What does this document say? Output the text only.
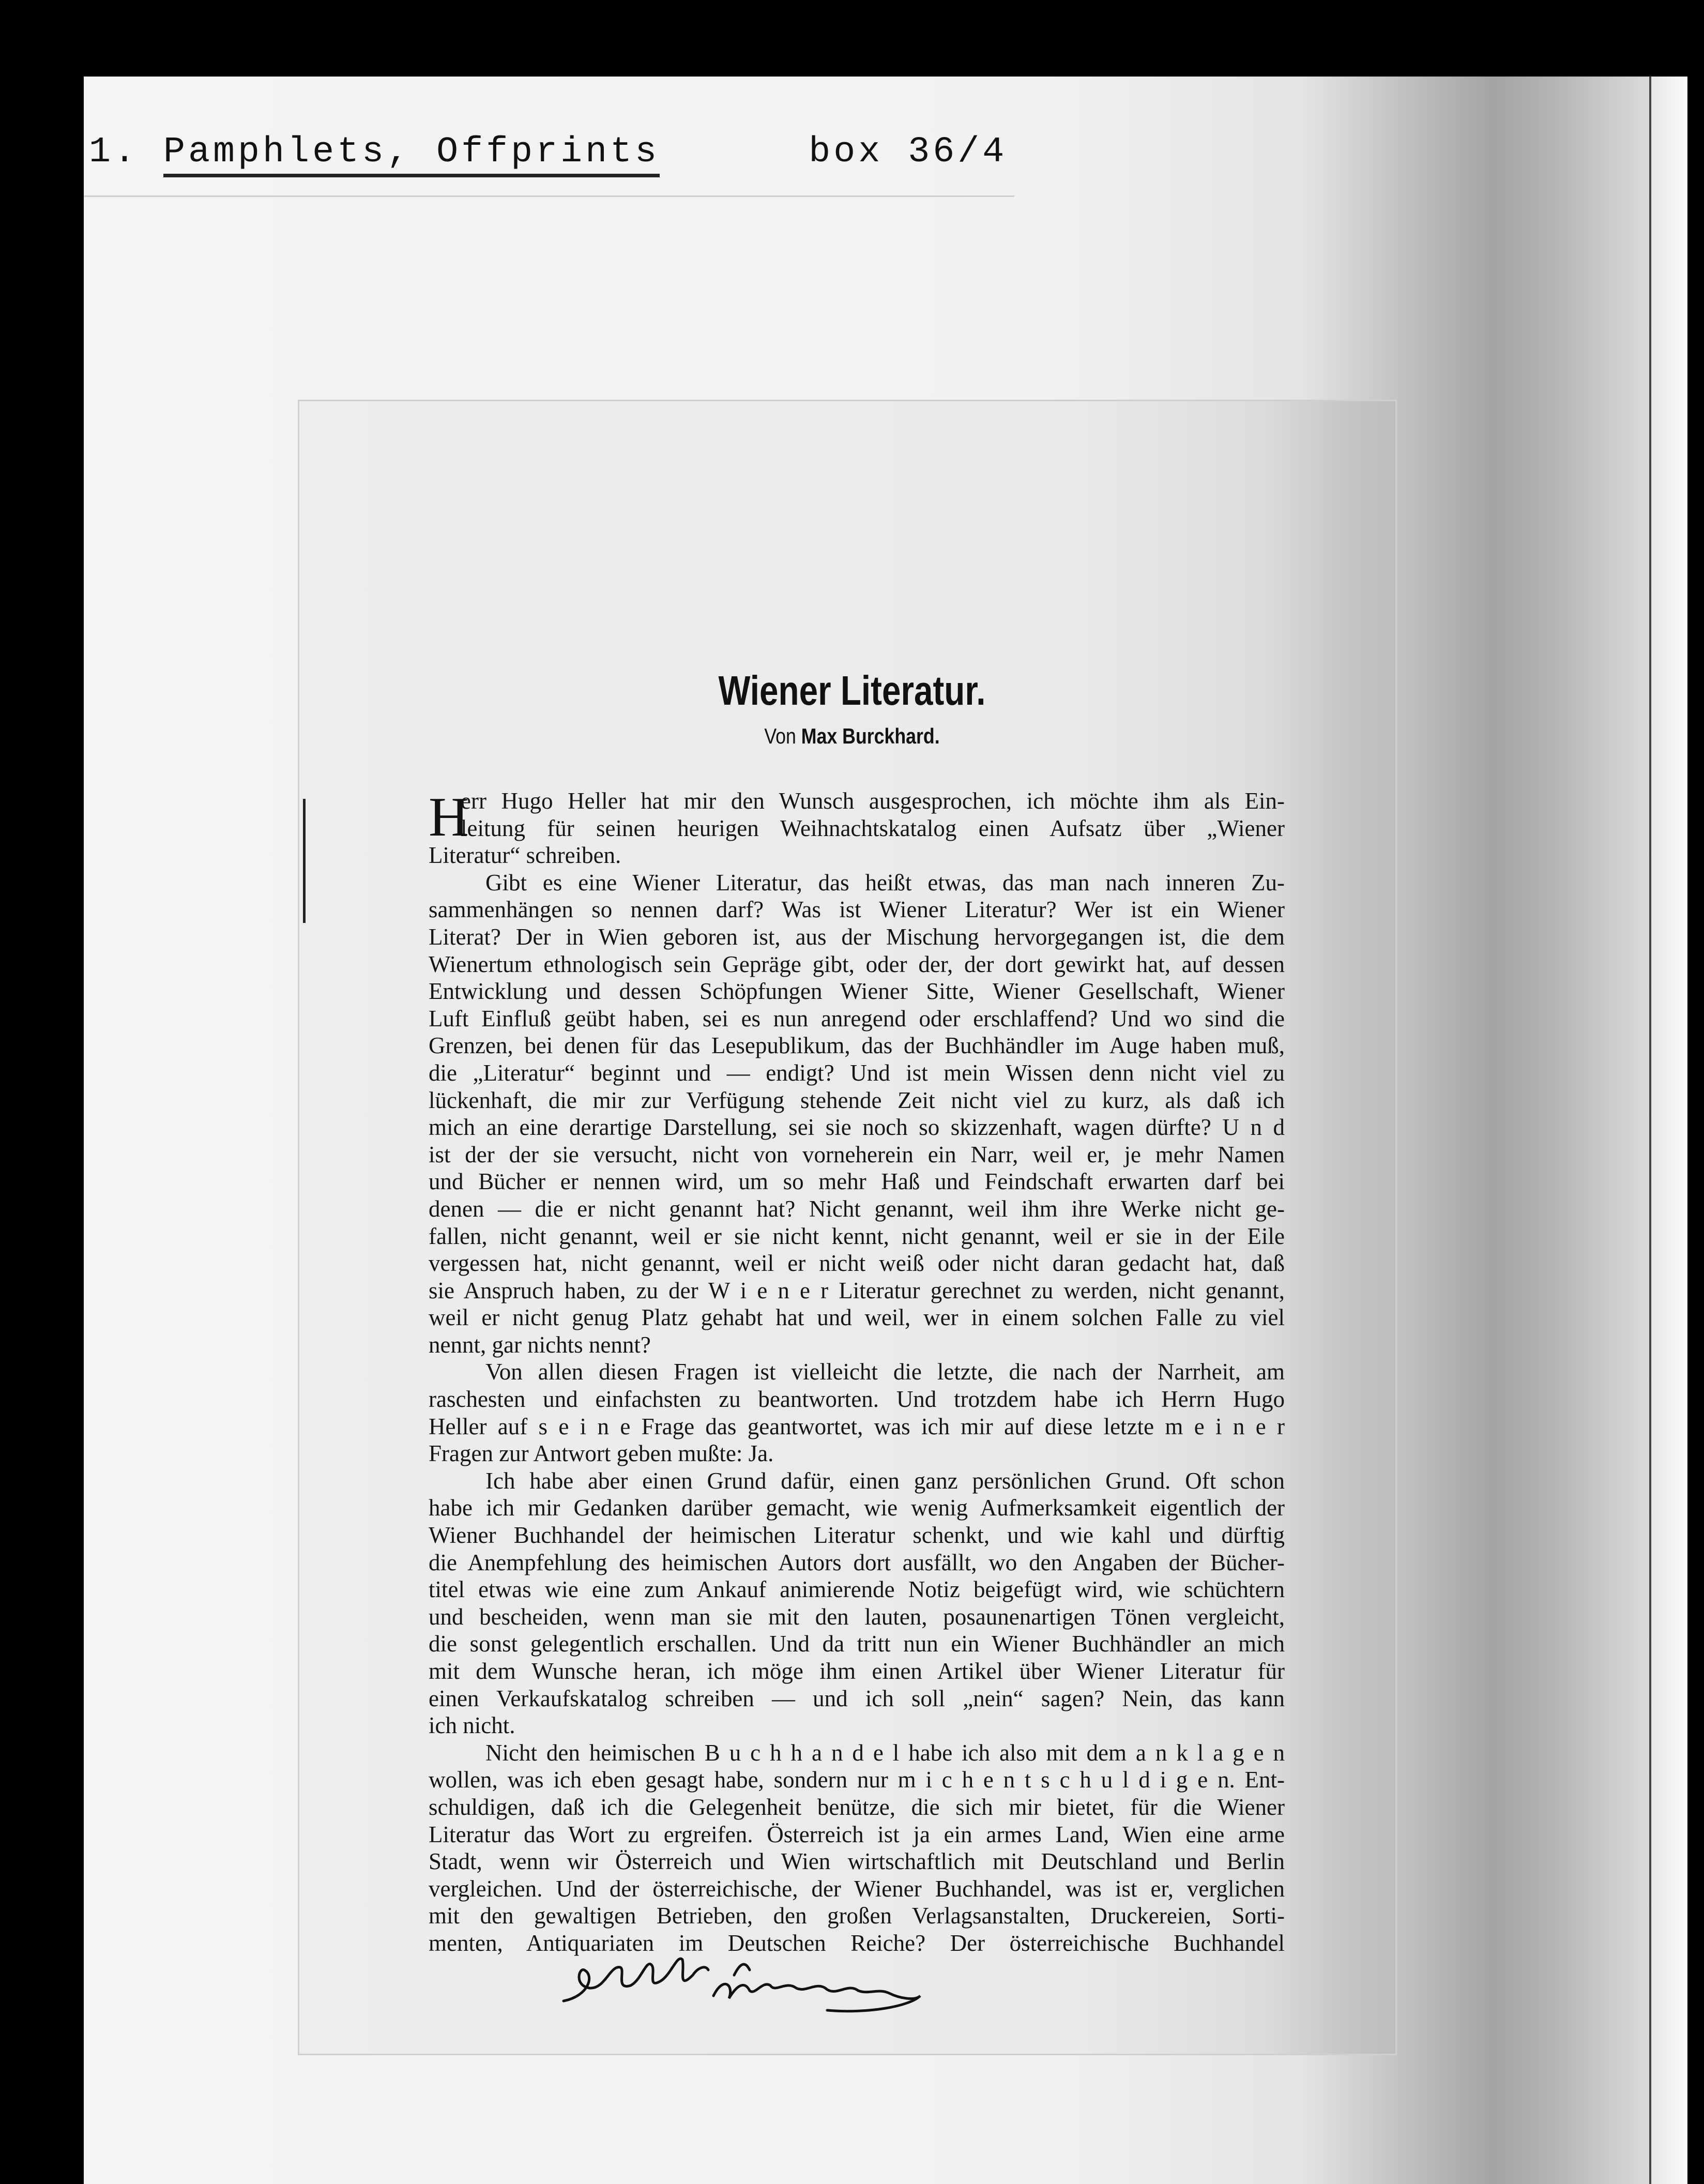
1. Pamphlets, Offprints	box 36/4
Wiener Literatur.
Von Max Burckhard.
H
err Hugo Heller hat mir den Wunsch ausgesprochen, ich möchte ihm als Ein-
leitung für seinen heurigen Weihnachtskatalog einen Aufsatz über „Wiener
Literatur“ schreiben.
Gibt es eine Wiener Literatur, das heißt etwas, das man nach inneren Zu-
sammenhängen so nennen darf? Was ist Wiener Literatur? Wer ist ein Wiener
Literat? Der in Wien geboren ist, aus der Mischung hervorgegangen ist, die dem
Wienertum ethnologisch sein Gepräge gibt, oder der, der dort gewirkt hat, auf dessen
Entwicklung und dessen Schöpfungen Wiener Sitte, Wiener Gesellschaft, Wiener
Luft Einfluß geübt haben, sei es nun anregend oder erschlaffend? Und wo sind die
Grenzen, bei denen für das Lesepublikum, das der Buchhändler im Auge haben muß,
die „Literatur“ beginnt und — endigt? Und ist mein Wissen denn nicht viel zu
lückenhaft, die mir zur Verfügung stehende Zeit nicht viel zu kurz, als daß ich
mich an eine derartige Darstellung, sei sie noch so skizzenhaft, wagen dürfte? U n d
ist der der sie versucht, nicht von vorneherein ein Narr, weil er, je mehr Namen
und Bücher er nennen wird, um so mehr Haß und Feindschaft erwarten darf bei
denen — die er nicht genannt hat? Nicht genannt, weil ihm ihre Werke nicht ge-
fallen, nicht genannt, weil er sie nicht kennt, nicht genannt, weil er sie in der Eile
vergessen hat, nicht genannt, weil er nicht weiß oder nicht daran gedacht hat, daß
sie Anspruch haben, zu der W i e n e r Literatur gerechnet zu werden, nicht genannt,
weil er nicht genug Platz gehabt hat und weil, wer in einem solchen Falle zu viel
nennt, gar nichts nennt?
Von allen diesen Fragen ist vielleicht die letzte, die nach der Narrheit, am
raschesten und einfachsten zu beantworten. Und trotzdem habe ich Herrn Hugo
Heller auf s e i n e Frage das geantwortet, was ich mir auf diese letzte m e i n e r
Fragen zur Antwort geben mußte: Ja.
Ich habe aber einen Grund dafür, einen ganz persönlichen Grund. Oft schon
habe ich mir Gedanken darüber gemacht, wie wenig Aufmerksamkeit eigentlich der
Wiener Buchhandel der heimischen Literatur schenkt, und wie kahl und dürftig
die Anempfehlung des heimischen Autors dort ausfällt, wo den Angaben der Bücher-
titel etwas wie eine zum Ankauf animierende Notiz beigefügt wird, wie schüchtern
und bescheiden, wenn man sie mit den lauten, posaunenartigen Tönen vergleicht,
die sonst gelegentlich erschallen. Und da tritt nun ein Wiener Buchhändler an mich
mit dem Wunsche heran, ich möge ihm einen Artikel über Wiener Literatur für
einen Verkaufskatalog schreiben — und ich soll „nein“ sagen? Nein, das kann
ich nicht.
Nicht den heimischen B u c h h a n d e l habe ich also mit dem a n k l a g e n
wollen, was ich eben gesagt habe, sondern nur m i c h e n t s c h u l d i g e n. Ent-
schuldigen, daß ich die Gelegenheit benütze, die sich mir bietet, für die Wiener
Literatur das Wort zu ergreifen. Österreich ist ja ein armes Land, Wien eine arme
Stadt, wenn wir Österreich und Wien wirtschaftlich mit Deutschland und Berlin
vergleichen. Und der österreichische, der Wiener Buchhandel, was ist er, verglichen
mit den gewaltigen Betrieben, den großen Verlagsanstalten, Druckereien, Sorti-
menten, Antiquariaten im Deutschen Reiche? Der österreichische Buchhandel
